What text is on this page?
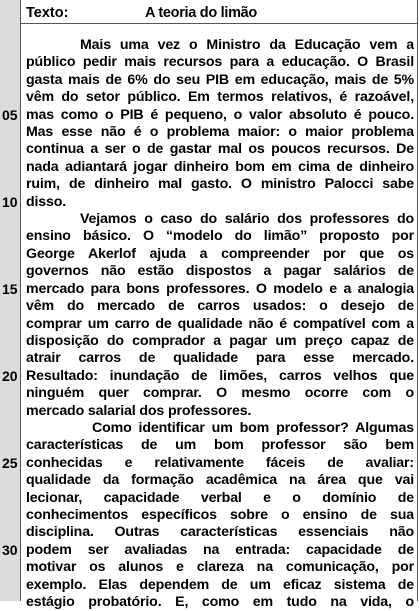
Texto:	A teoria do limão
Mais uma vez o Ministro da Educação vem a
público pedir mais recursos para a educação. O Brasil
gasta mais de 6% do seu PIB em educação, mais de 5%
vêm do setor público. Em termos relativos, é razoável,
mas como o PIB é pequeno, o valor absoluto é pouco.
Mas esse não é o problema maior: o maior problema
continua a ser o de gastar mal os poucos recursos. De
nada adiantará jogar dinheiro bom em cima de dinheiro
ruim, de dinheiro mal gasto. O ministro Palocci sabe
disso.
Vejamos o caso do salário dos professores do
ensino básico. O “modelo do limão” proposto por
George Akerlof ajuda a compreender por que os
governos não estão dispostos a pagar salários de
mercado para bons professores. O modelo e a analogia
vêm do mercado de carros usados: o desejo de
comprar um carro de qualidade não é compatível com a
disposição do comprador a pagar um preço capaz de
atrair carros de qualidade para esse mercado.
Resultado: inundação de limões, carros velhos que
ninguém quer comprar. O mesmo ocorre com o
mercado salarial dos professores.
Como identificar um bom professor? Algumas
características de um bom professor são bem
conhecidas e relativamente fáceis de avaliar:
qualidade da formação acadêmica na área que vai
lecionar, capacidade verbal e o domínio de
conhecimentos específicos sobre o ensino de sua
disciplina. Outras características essenciais não
podem ser avaliadas na entrada: capacidade de
motivar os alunos e clareza na comunicação, por
exemplo. Elas dependem de um eficaz sistema de
estágio probatório. E, como em tudo na vida, o
05
10
15
20
25
30
